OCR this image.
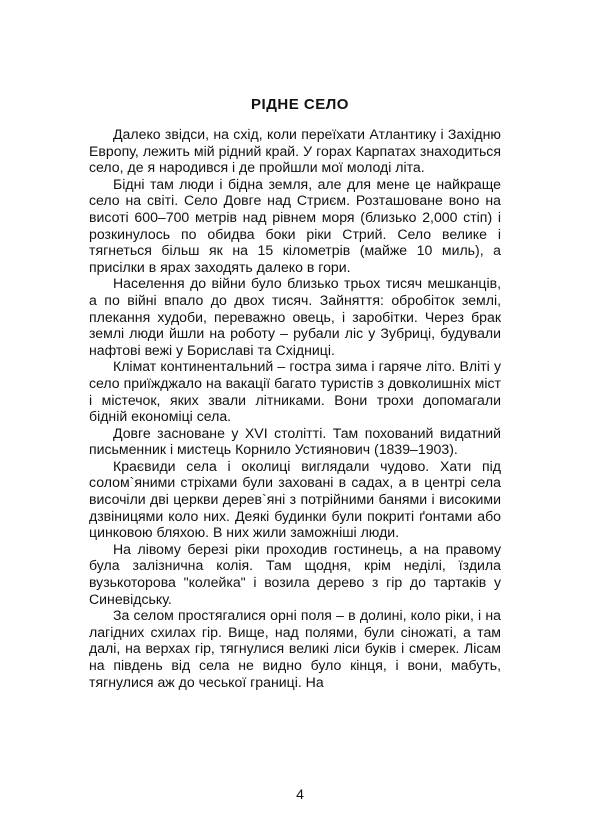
РІДНЕ СЕЛО

Далеко звідси, на схід, коли переїхати Атлантику і Західню Европу, лежить мій рідний край. У горах Карпатах знаходиться село, де я народився і де пройшли мої молоді літа.

Бідні там люди і бідна земля, але для мене це найкраще село на світі. Село Довге над Стриєм. Розташоване воно на висоті 600–700 метрів над рівнем моря (близько 2,000 стіп) і розкинулось по обидва боки ріки Стрий. Село велике і тягнеться більш як на 15 кілометрів (майже 10 миль), а присілки в ярах заходять далеко в гори.

Населення до війни було близько трьох тисяч мешканців, а по війні впало до двох тисяч. Зайняття: обробіток землі, плекання худоби, переважно овець, і заробітки. Через брак землі люди йшли на роботу – рубали ліс у Зубриці, будували нафтові вежі у Бориславі та Східниці.

Клімат континентальний – гостра зима і гаряче літо. Вліті у село приїжджало на вакації багато туристів з довколишніх міст і містечок, яких звали літниками. Вони трохи допомагали бідній економіці села.

Довге засноване у XVI столітті. Там похований видатний письменник і мистець Корнило Устиянович (1839–1903).

Краєвиди села і околиці виглядали чудово. Хати під солом`яними стріхами були заховані в садах, а в центрі села височіли дві церкви дерев`яні з потрійними банями і високими дзвіницями коло них. Деякі будинки були покриті ґонтами або цинковою бляхою. В них жили заможніші люди.

На лівому березі ріки проходив гостинець, а на правому була залізнична колія. Там щодня, крім неділі, їздила вузькоторова "колейка" і возила дерево з гір до тартаків у Синевідську.

За селом простягалися орні поля – в долині, коло ріки, і на лагідних схилах гір. Вище, над полями, були сіножаті, а там далі, на верхах гір, тягнулися великі ліси буків і смерек. Лісам на південь від села не видно було кінця, і вони, мабуть, тягнулися аж до чеської границі. На

4
